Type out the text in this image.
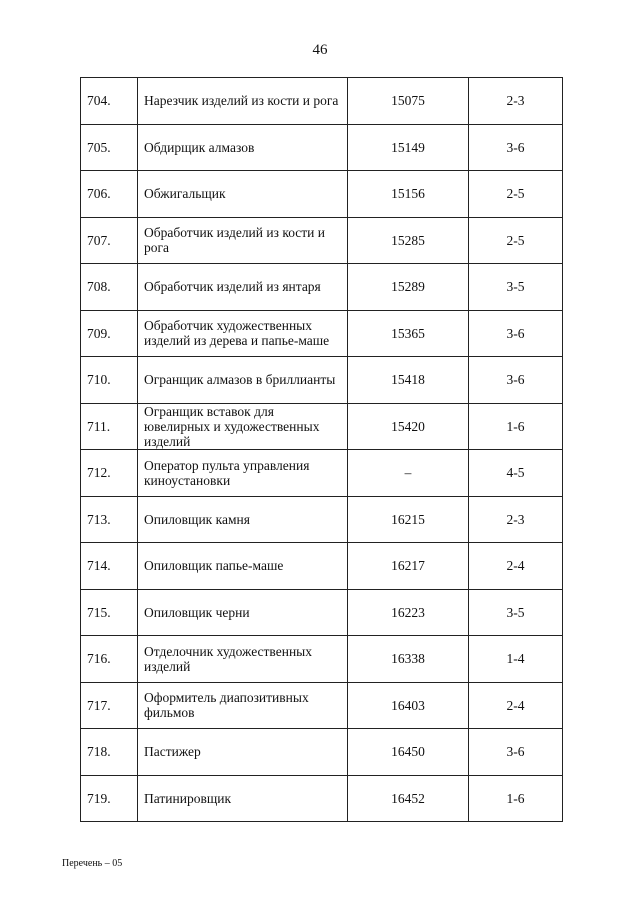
46
704.	Нарезчик изделий из кости и рога	15075	2-3
705.	Обдирщик алмазов	15149	3-6
706.	Обжигальщик	15156	2-5
707.	Обработчик изделий из кости и рога	15285	2-5
708.	Обработчик изделий из янтаря	15289	3-5
709.	Обработчик художественных изделий из дерева и папье-маше	15365	3-6
710.	Огранщик алмазов в бриллианты	15418	3-6
711.	Огранщик вставок для ювелирных и художественных изделий	15420	1-6
712.	Оператор пульта управления киноустановки	–	4-5
713.	Опиловщик камня	16215	2-3
714.	Опиловщик папье-маше	16217	2-4
715.	Опиловщик черни	16223	3-5
716.	Отделочник художественных изделий	16338	1-4
717.	Оформитель диапозитивных фильмов	16403	2-4
718.	Пастижер	16450	3-6
719.	Патинировщик	16452	1-6
Перечень – 05
